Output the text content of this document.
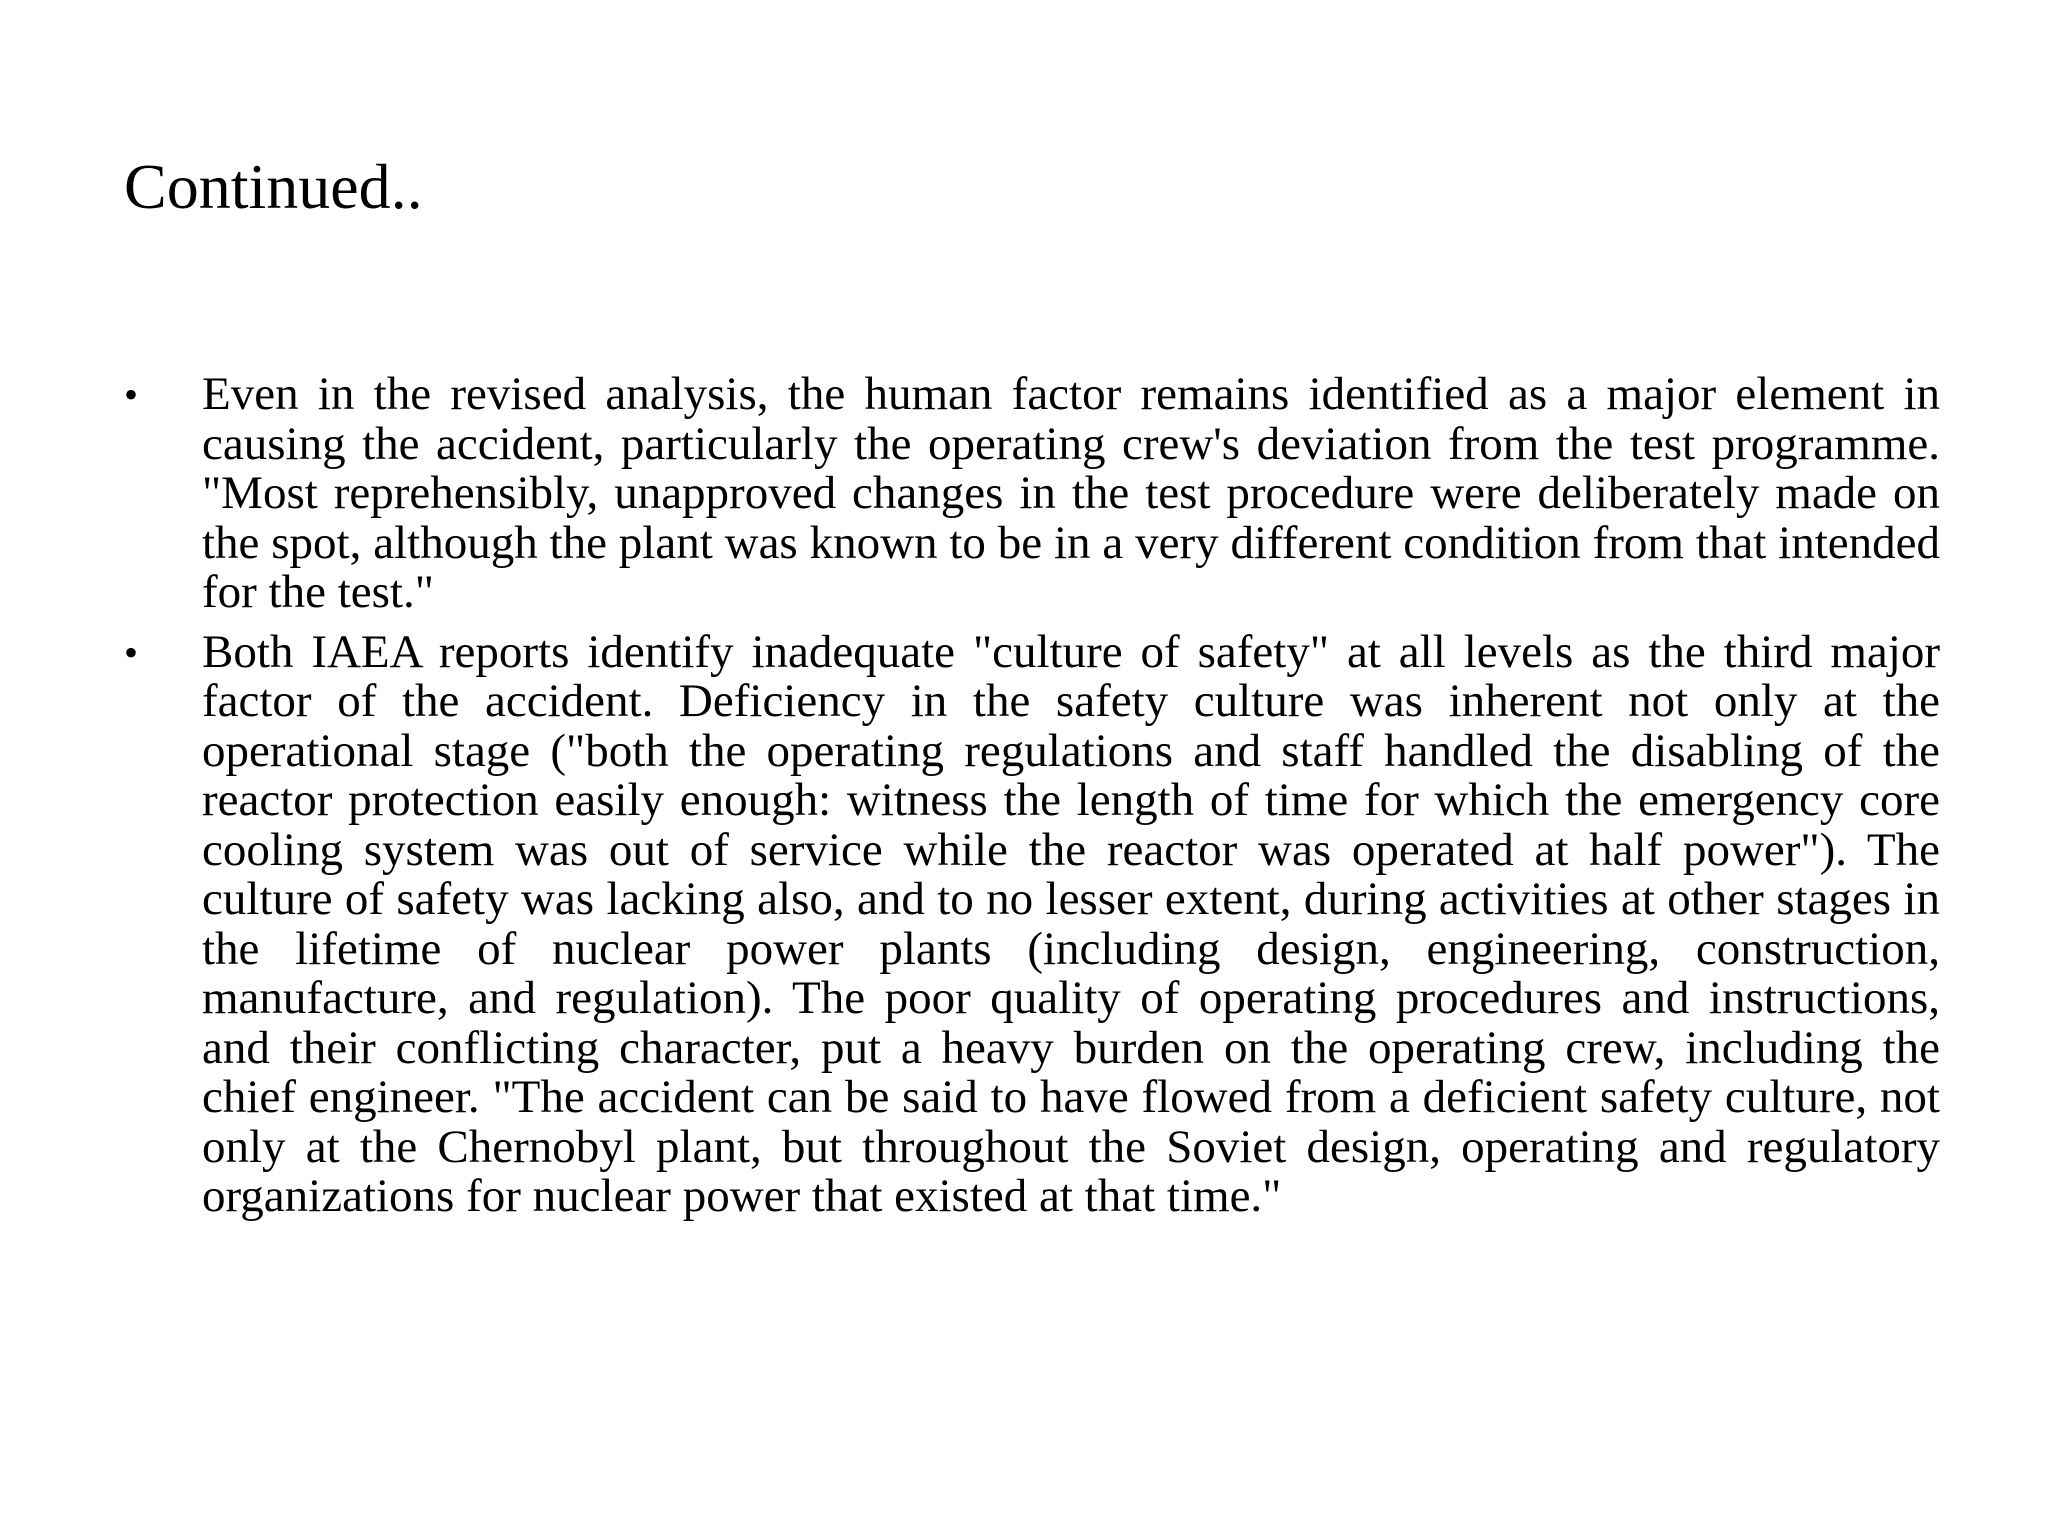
Continued..
•	Even in the revised analysis, the human factor remains identified as a major element in causing the accident, particularly the operating crew's deviation from the test programme. "Most reprehensibly, unapproved changes in the test procedure were deliberately made on the spot, although the plant was known to be in a very different condition from that intended for the test."

•	Both IAEA reports identify inadequate "culture of safety" at all levels as the third major factor of the accident. Deficiency in the safety culture was inherent not only at the operational stage ("both the operating regulations and staff handled the disabling of the reactor protection easily enough: witness the length of time for which the emergency core cooling system was out of service while the reactor was operated at half power"). The culture of safety was lacking also, and to no lesser extent, during activities at other stages in the lifetime of nuclear power plants (including design, engineering, construction, manufacture, and regulation). The poor quality of operating procedures and instructions, and their conflicting character, put a heavy burden on the operating crew, including the chief engineer. "The accident can be said to have flowed from a deficient safety culture, not only at the Chernobyl plant, but throughout the Soviet design, operating and regulatory organizations for nuclear power that existed at that time."
